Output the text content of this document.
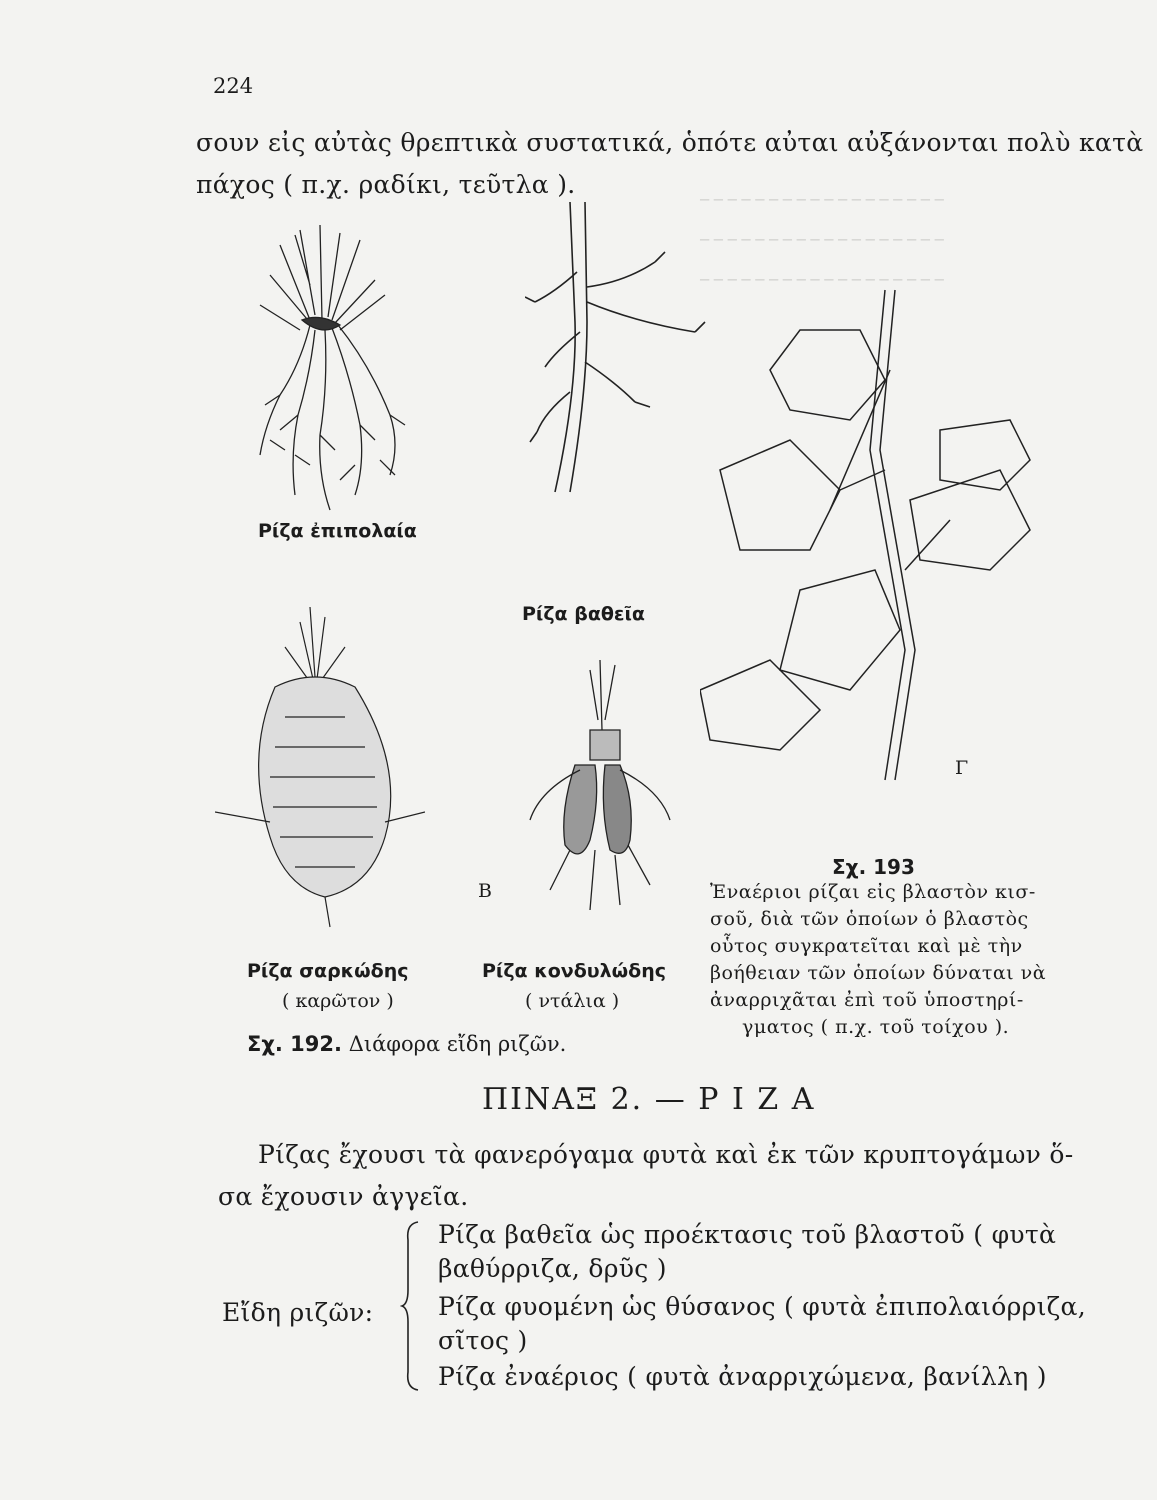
─ ─ ─ ─ ─ ─ ─ ─ ─ ─ ─ ─ ─ ─ ─ ─ ─ ─
─ ─ ─ ─ ─ ─ ─ ─ ─ ─ ─ ─ ─ ─ ─ ─ ─ ─
─ ─ ─ ─ ─ ─ ─ ─ ─ ─ ─ ─ ─ ─ ─ ─ ─ ─
224
σουν εἰς αὐτὰς θρεπτικὰ συστατικά, ὁπότε αὐται αὐξάνονται πολὺ κατὰ
πάχος ( π.χ. ραδίκι, τεῦτλα ).
Ρίζα ἐπιπολαία
Ρίζα βαθεῖα
Γ
Β
Ρίζα σαρκώδης
( καρῶτον )
Ρίζα κονδυλώδης
( ντάλια )
Σχ. 192. Διάφορα εἴδη ριζῶν.
Σχ. 193
Ἐναέριοι ρίζαι εἰς βλαστὸν κισ-
σοῦ, διὰ τῶν ὁποίων ὁ βλαστὸς
οὗτος συγκρατεῖται καὶ μὲ τὴν
βοήθειαν τῶν ὁποίων δύναται νὰ
ἀναρριχᾶται ἐπὶ τοῦ ὑποστηρί-
γματος ( π.χ. τοῦ τοίχου ).
ΠΙΝΑΞ 2. — Ρ Ι Ζ Α
Ρίζας ἔχουσι τὰ φανερόγαμα φυτὰ καὶ ἐκ τῶν κρυπτογάμων ὅ-
σα ἔχουσιν ἀγγεῖα.
Εἴδη ριζῶν:
Ρίζα βαθεῖα ὡς προέκτασις τοῦ βλαστοῦ ( φυτὰ
βαθύρριζα, δρῦς )
Ρίζα φυομένη ὡς θύσανος ( φυτὰ ἐπιπολαιόρριζα,
σῖτος )
Ρίζα ἐναέριος ( φυτὰ ἀναρριχώμενα, βανίλλη )
